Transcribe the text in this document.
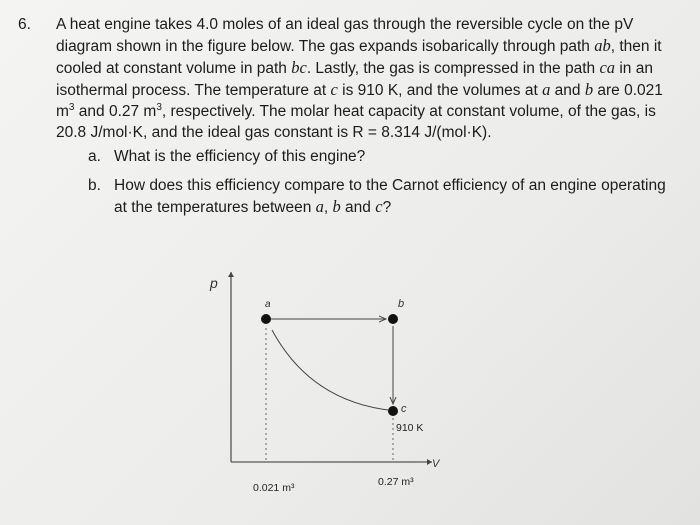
6. A heat engine takes 4.0 moles of an ideal gas through the reversible cycle on the pV
diagram shown in the figure below. The gas expands isobarically through path ab, then it
cooled at constant volume in path bc. Lastly, the gas is compressed in the path ca in an
isothermal process. The temperature at c is 910 K, and the volumes at a and b are 0.021
$m^3$ and 0.27 $m^3$, respectively. The molar heat capacity at constant volume, of the gas, is
20.8 J/mol·K, and the ideal gas constant is R = 8.314 J/(mol·K).
a. What is the efficiency of this engine?
b. How does this efficiency compare to the Carnot efficiency of an engine operating
at the temperatures between a, b and c?
p
V
a	b
c
910 K
0.021 m³	0.27 m³
